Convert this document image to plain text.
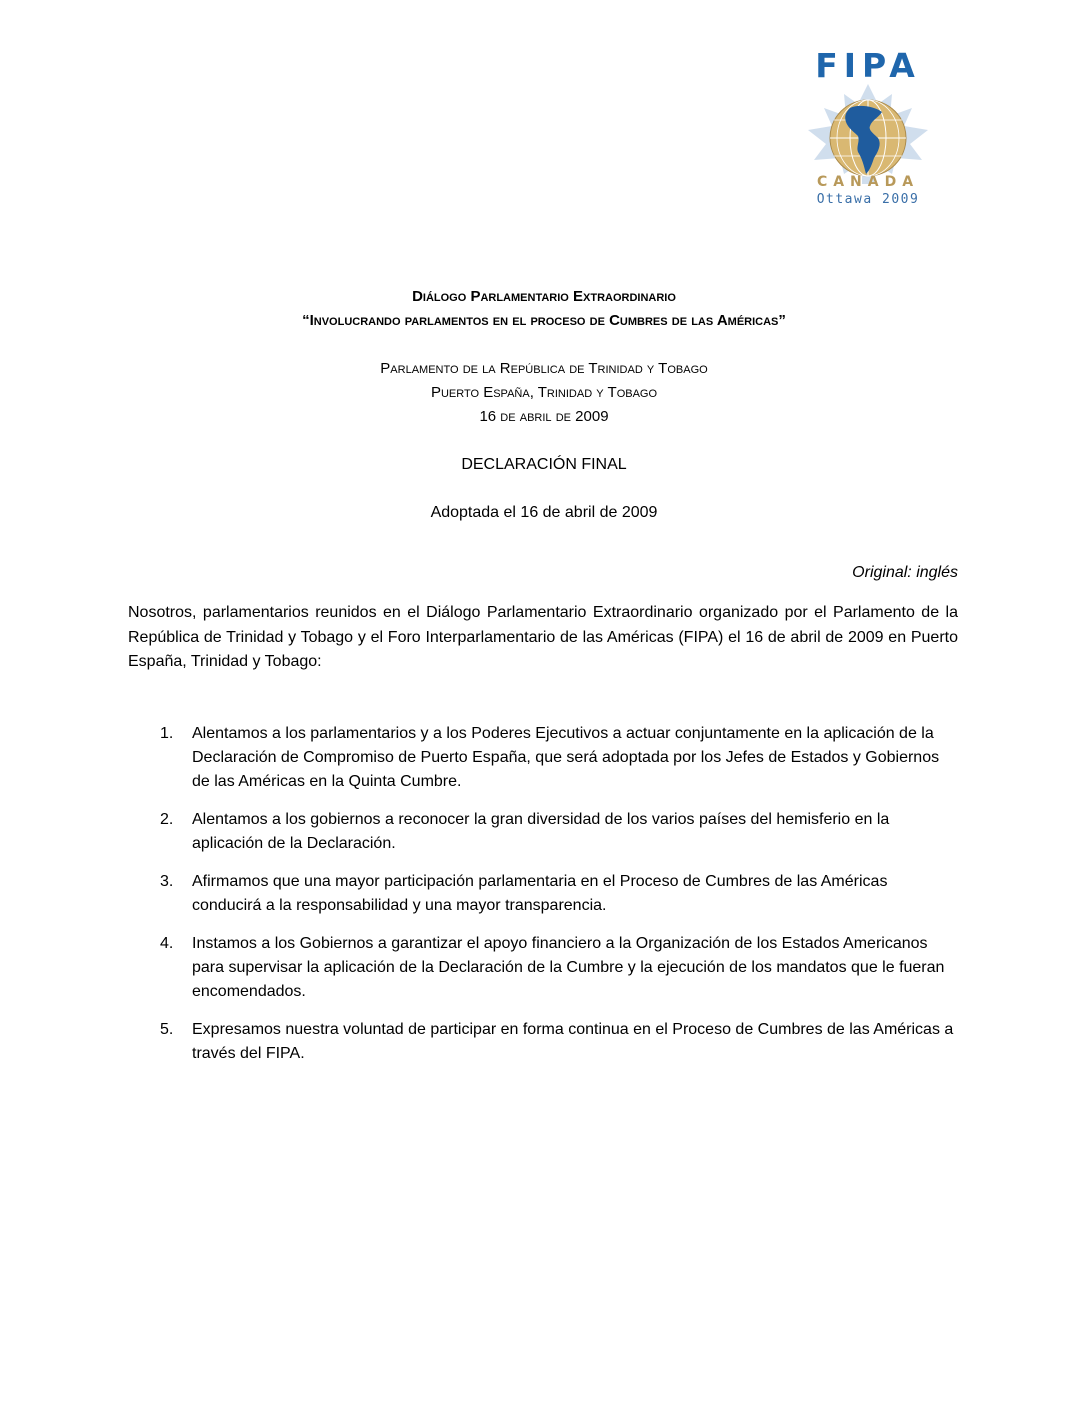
FIPA
CANADA
Ottawa 2009
Diálogo Parlamentario Extraordinario
“Involucrando parlamentos en el proceso de Cumbres de las Américas”
Parlamento de la República de Trinidad y Tobago
Puerto España, Trinidad y Tobago
16 de abril de 2009
DECLARACIÓN FINAL
Adoptada el 16 de abril de 2009
Original: inglés
Nosotros, parlamentarios reunidos en el Diálogo Parlamentario Extraordinario organizado por el Parlamento de la República de Trinidad y Tobago y el Foro Interparlamentario de las Américas (FIPA) el 16 de abril de 2009 en Puerto España, Trinidad y Tobago:
1. Alentamos a los parlamentarios y a los Poderes Ejecutivos a actuar conjuntamente en la aplicación de la Declaración de Compromiso de Puerto España, que será adoptada por los Jefes de Estados y Gobiernos de las Américas en la Quinta Cumbre.
2. Alentamos a los gobiernos a reconocer la gran diversidad de los varios países del hemisferio en la aplicación de la Declaración.
3. Afirmamos que una mayor participación parlamentaria en el Proceso de Cumbres de las Américas conducirá a la responsabilidad y una mayor transparencia.
4. Instamos a los Gobiernos a garantizar el apoyo financiero a la Organización de los Estados Americanos para supervisar la aplicación de la Declaración de la Cumbre y la ejecución de los mandatos que le fueran encomendados.
5. Expresamos nuestra voluntad de participar en forma continua en el Proceso de Cumbres de las Américas a través del FIPA.
